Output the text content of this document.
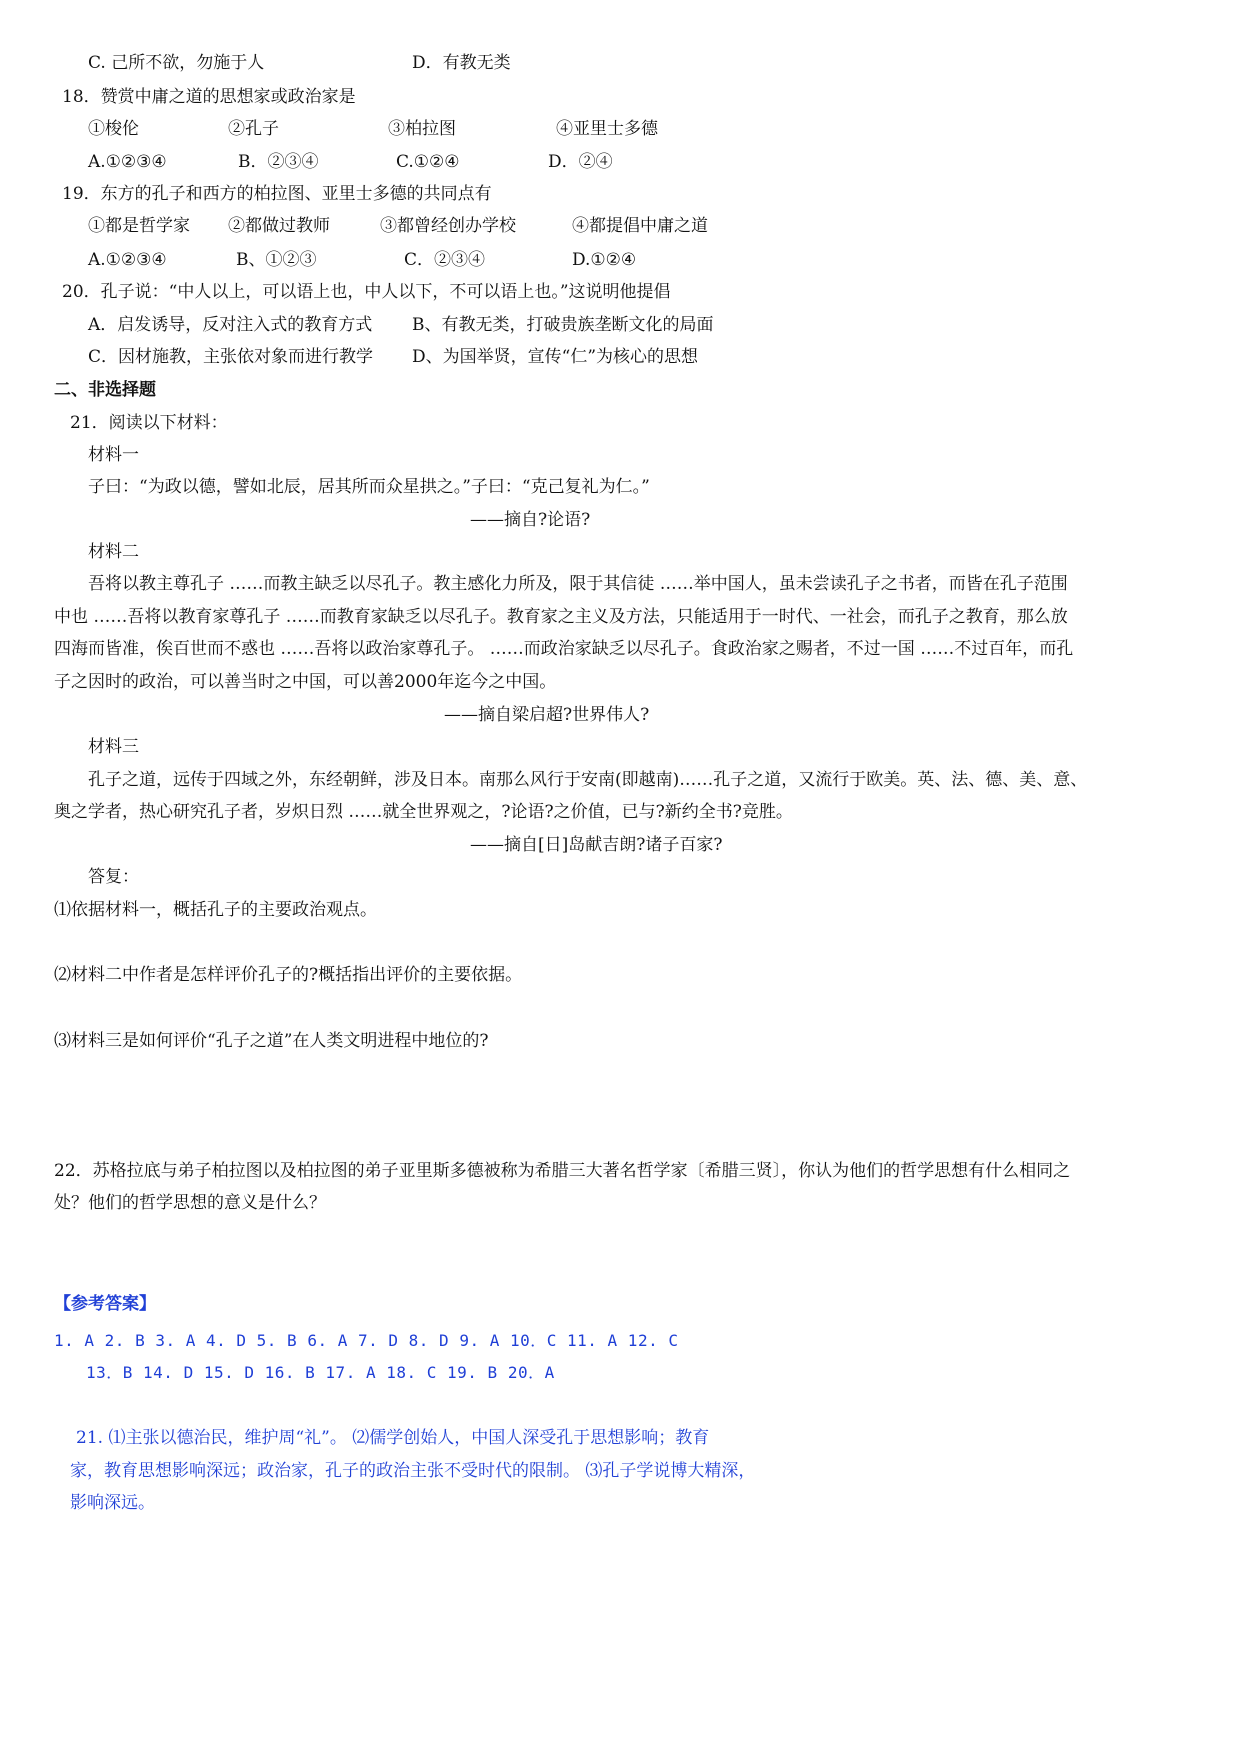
C. 己所不欲，勿施于人	D．有教无类
18．赞赏中庸之道的思想家或政治家是
①梭伦	②孔子	③柏拉图	④亚里士多德
A.①②③④	B．②③④	C.①②④	D．②④
19．东方的孔子和西方的柏拉图、亚里士多德的共同点有
①都是哲学家 ②都做过教师	③都曾经创办学校	④都提倡中庸之道
A.①②③④	B、①②③	C．②③④	D.①②④
20．孔子说：“中人以上，可以语上也，中人以下，不可以语上也。”这说明他提倡
A．启发诱导，反对注入式的教育方式 B、有教无类，打破贵族垄断文化的局面
C．因材施教，主张依对象而进行教学 D、为国举贤，宣传“仁”为核心的思想
二、非选择题
21．阅读以下材料：
材料一
子曰：“为政以德，譬如北辰，居其所而众星拱之。”子曰：“克己复礼为仁。”
——摘自?论语?
材料二
吾将以教主尊孔子 ……而教主缺乏以尽孔子。教主感化力所及，限于其信徒 ……举中国人，虽未尝读孔子之书者，而皆在孔子范围
中也 ……吾将以教育家尊孔子 ……而教育家缺乏以尽孔子。教育家之主义及方法，只能适用于一时代、一社会，而孔子之教育，那么放
四海而皆准，俟百世而不惑也 ……吾将以政治家尊孔子。 ……而政治家缺乏以尽孔子。食政治家之赐者，不过一国 ……不过百年，而孔
子之因时的政治，可以善当时之中国，可以善2000年迄今之中国。
——摘自梁启超?世界伟人?
材料三
孔子之道，远传于四域之外，东经朝鲜，涉及日本。南那么风行于安南(即越南)……孔子之道，又流行于欧美。英、法、德、美、意、
奥之学者，热心研究孔子者，岁炽日烈 ……就全世界观之，?论语?之价值，已与?新约全书?竞胜。
——摘自[日]岛献吉朗?诸子百家?
答复：
⑴依据材料一，概括孔子的主要政治观点。
⑵材料二中作者是怎样评价孔子的?概括指出评价的主要依据。
⑶材料三是如何评价“孔子之道”在人类文明进程中地位的?
22．苏格拉底与弟子柏拉图以及柏拉图的弟子亚里斯多德被称为希腊三大著名哲学家〔希腊三贤〕，你认为他们的哲学思想有什么相同之
处？他们的哲学思想的意义是什么？
【参考答案】
1. A 2. B 3. A 4. D 5. B 6. A 7. D 8. D 9. A 10．C 11. A 12. C
13．B 14. D 15. D 16. B 17. A 18. C 19. B 20．A
21. ⑴主张以德治民，维护周“礼”。 ⑵儒学创始人，中国人深受孔于思想影响；教育
家，教育思想影响深远；政治家，孔子的政治主张不受时代的限制。 ⑶孔子学说博大精深，
影响深远。
